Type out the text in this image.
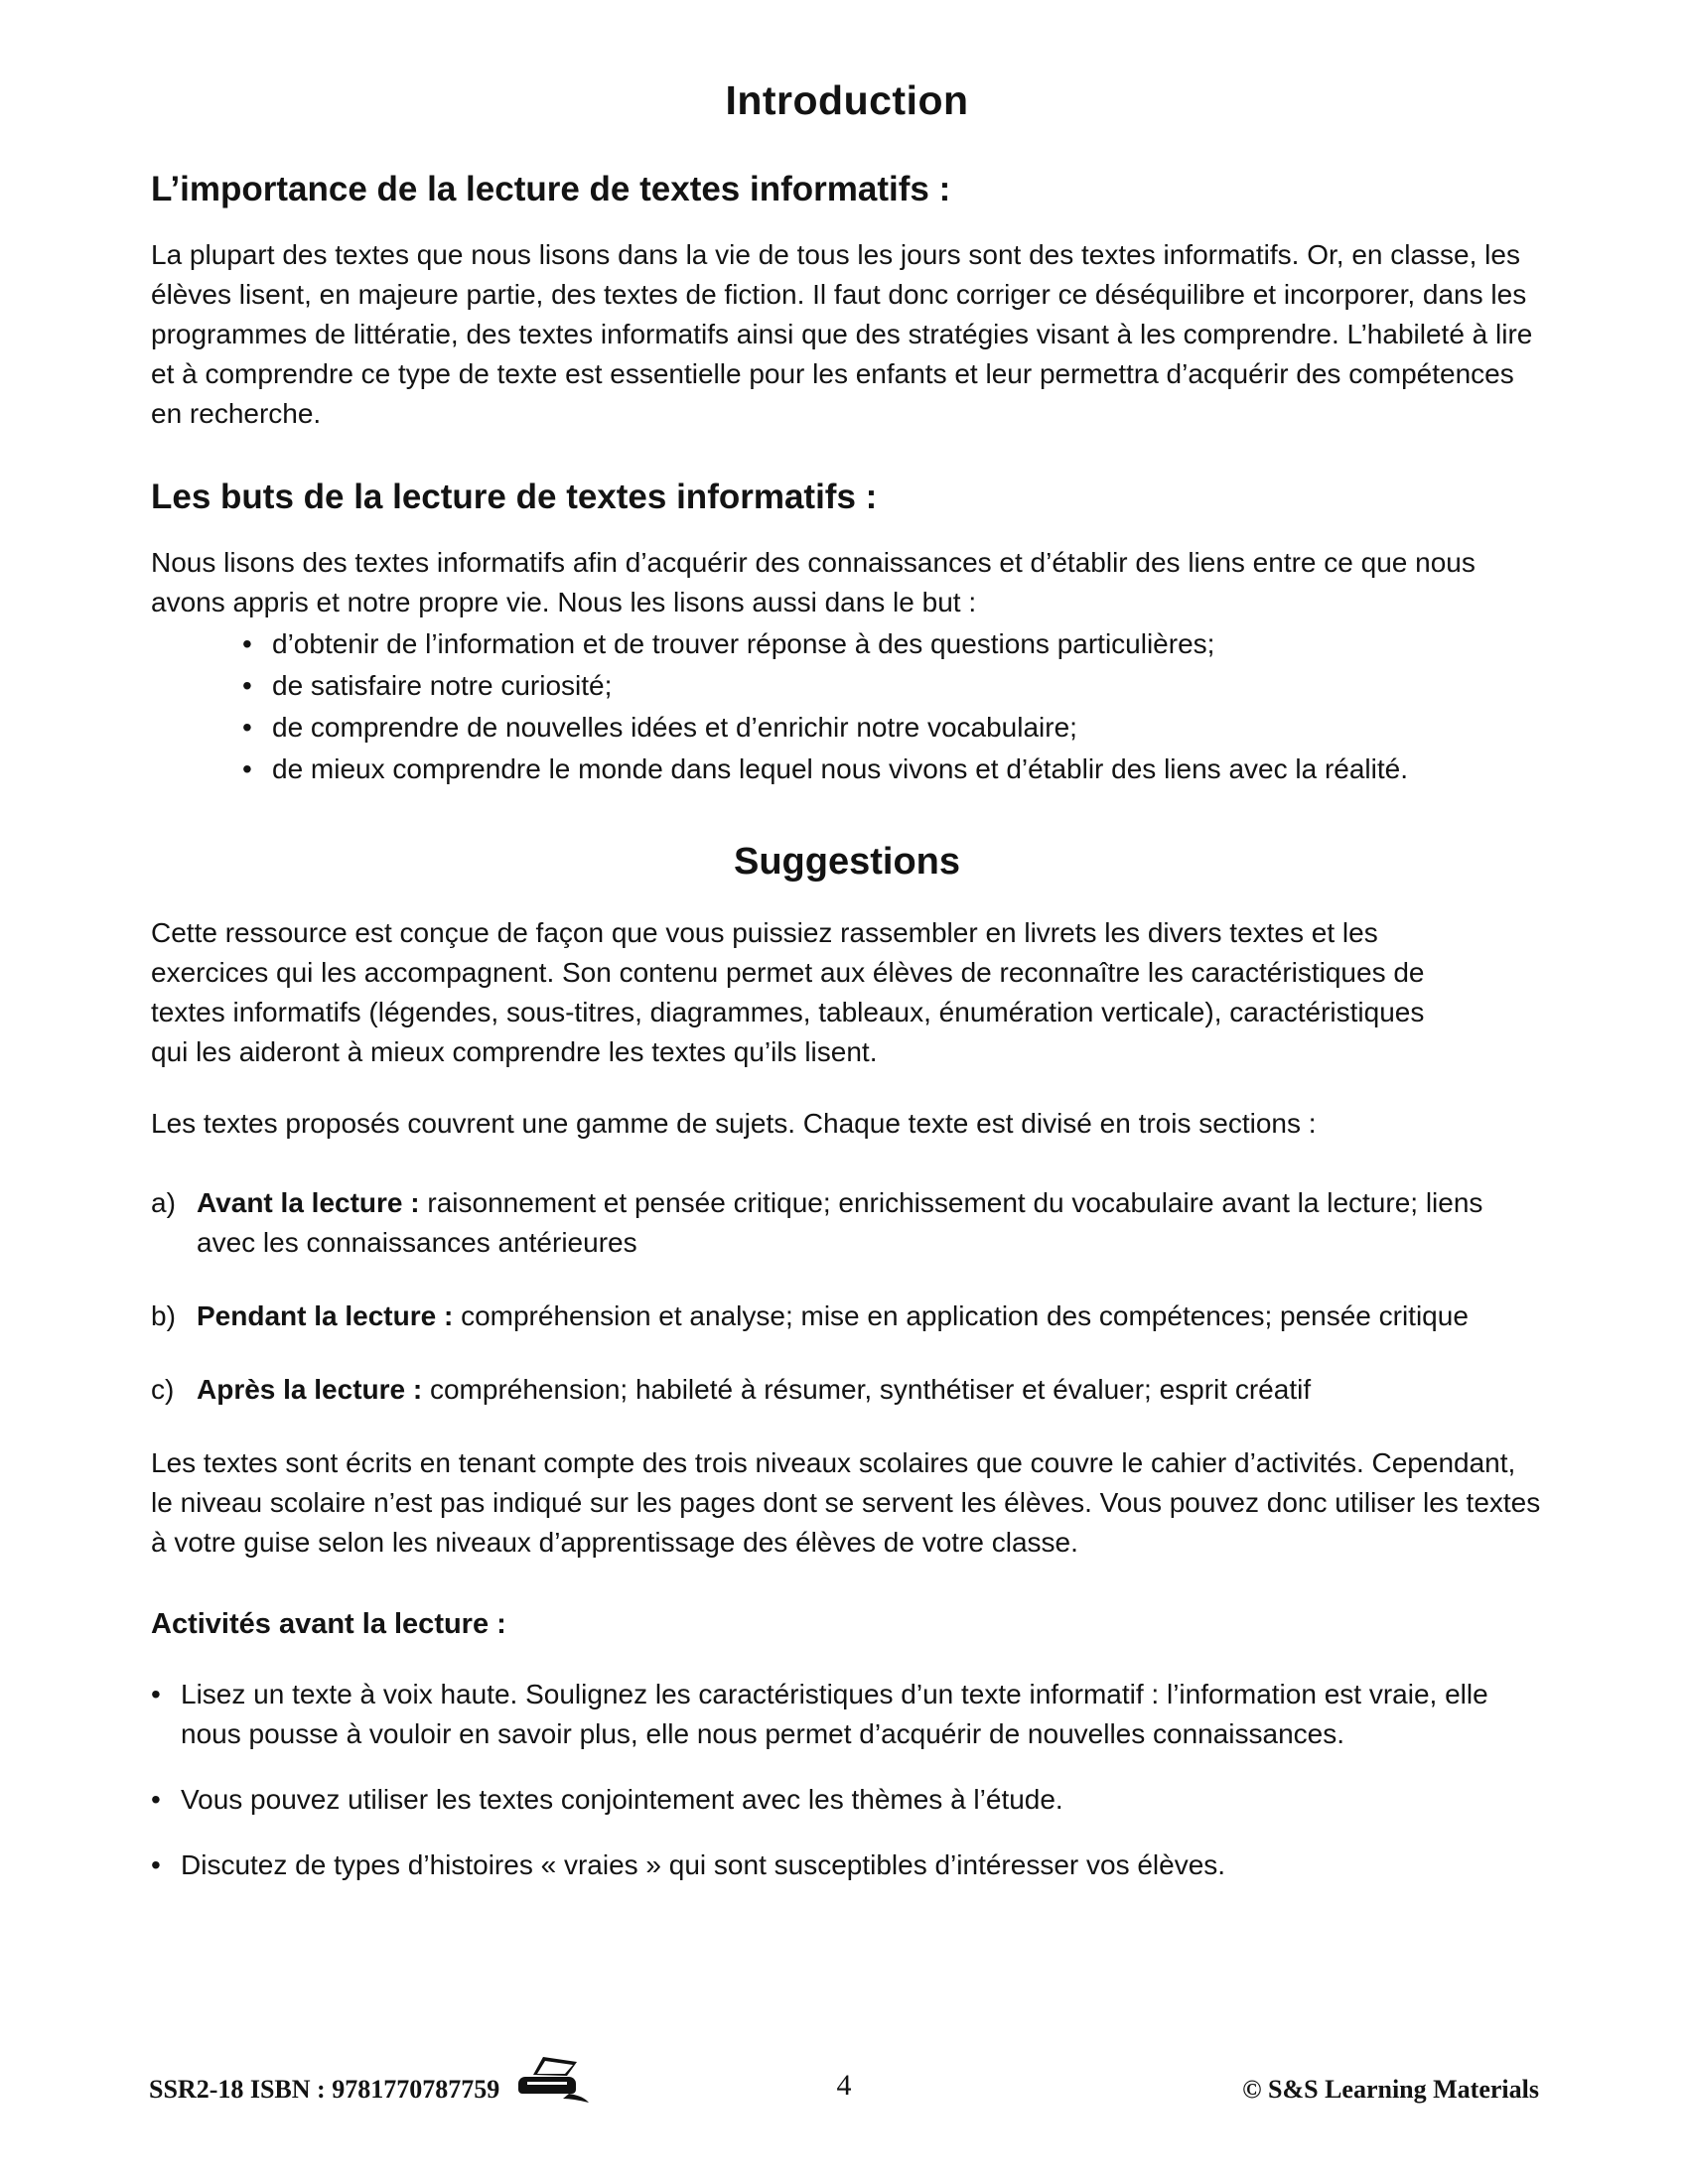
Introduction
L’importance de la lecture de textes informatifs :

La plupart des textes que nous lisons dans la vie de tous les jours sont des textes informatifs. Or, en classe, les élèves lisent, en majeure partie, des textes de fiction. Il faut donc corriger ce déséquilibre et incorporer, dans les programmes de littératie, des textes informatifs ainsi que des stratégies visant à les comprendre. L’habileté à lire et à comprendre ce type de texte est essentielle pour les enfants et leur permettra d’acquérir des compétences en recherche.

Les buts de la lecture de textes informatifs :

Nous lisons des textes informatifs afin d’acquérir des connaissances et d’établir des liens entre ce que nous avons appris et notre propre vie. Nous les lisons aussi dans le but :

• d’obtenir de l’information et de trouver réponse à des questions particulières;
• de satisfaire notre curiosité;
• de comprendre de nouvelles idées et d’enrichir notre vocabulaire;
• de mieux comprendre le monde dans lequel nous vivons et d’établir des liens avec la réalité.
Suggestions

Cette ressource est conçue de façon que vous puissiez rassembler en livrets les divers textes et les exercices qui les accompagnent. Son contenu permet aux élèves de reconnaître les caractéristiques de textes informatifs (légendes, sous-titres, diagrammes, tableaux, énumération verticale), caractéristiques qui les aideront à mieux comprendre les textes qu’ils lisent.

Les textes proposés couvrent une gamme de sujets. Chaque texte est divisé en trois sections :

a) Avant la lecture : raisonnement et pensée critique; enrichissement du vocabulaire avant la lecture; liens avec les connaissances antérieures
b) Pendant la lecture : compréhension et analyse; mise en application des compétences; pensée critique
c) Après la lecture : compréhension; habileté à résumer, synthétiser et évaluer; esprit créatif

Les textes sont écrits en tenant compte des trois niveaux scolaires que couvre le cahier d’activités. Cependant, le niveau scolaire n’est pas indiqué sur les pages dont se servent les élèves. Vous pouvez donc utiliser les textes à votre guise selon les niveaux d’apprentissage des élèves de votre classe.

Activités avant la lecture :
• Lisez un texte à voix haute. Soulignez les caractéristiques d’un texte informatif : l’information est vraie, elle nous pousse à vouloir en savoir plus, elle nous permet d’acquérir de nouvelles connaissances.
• Vous pouvez utiliser les textes conjointement avec les thèmes à l’étude.
• Discutez de types d’histoires « vraies » qui sont susceptibles d’intéresser vos élèves.
SSR2-18 ISBN : 9781770787759	4	© S&S Learning Materials
